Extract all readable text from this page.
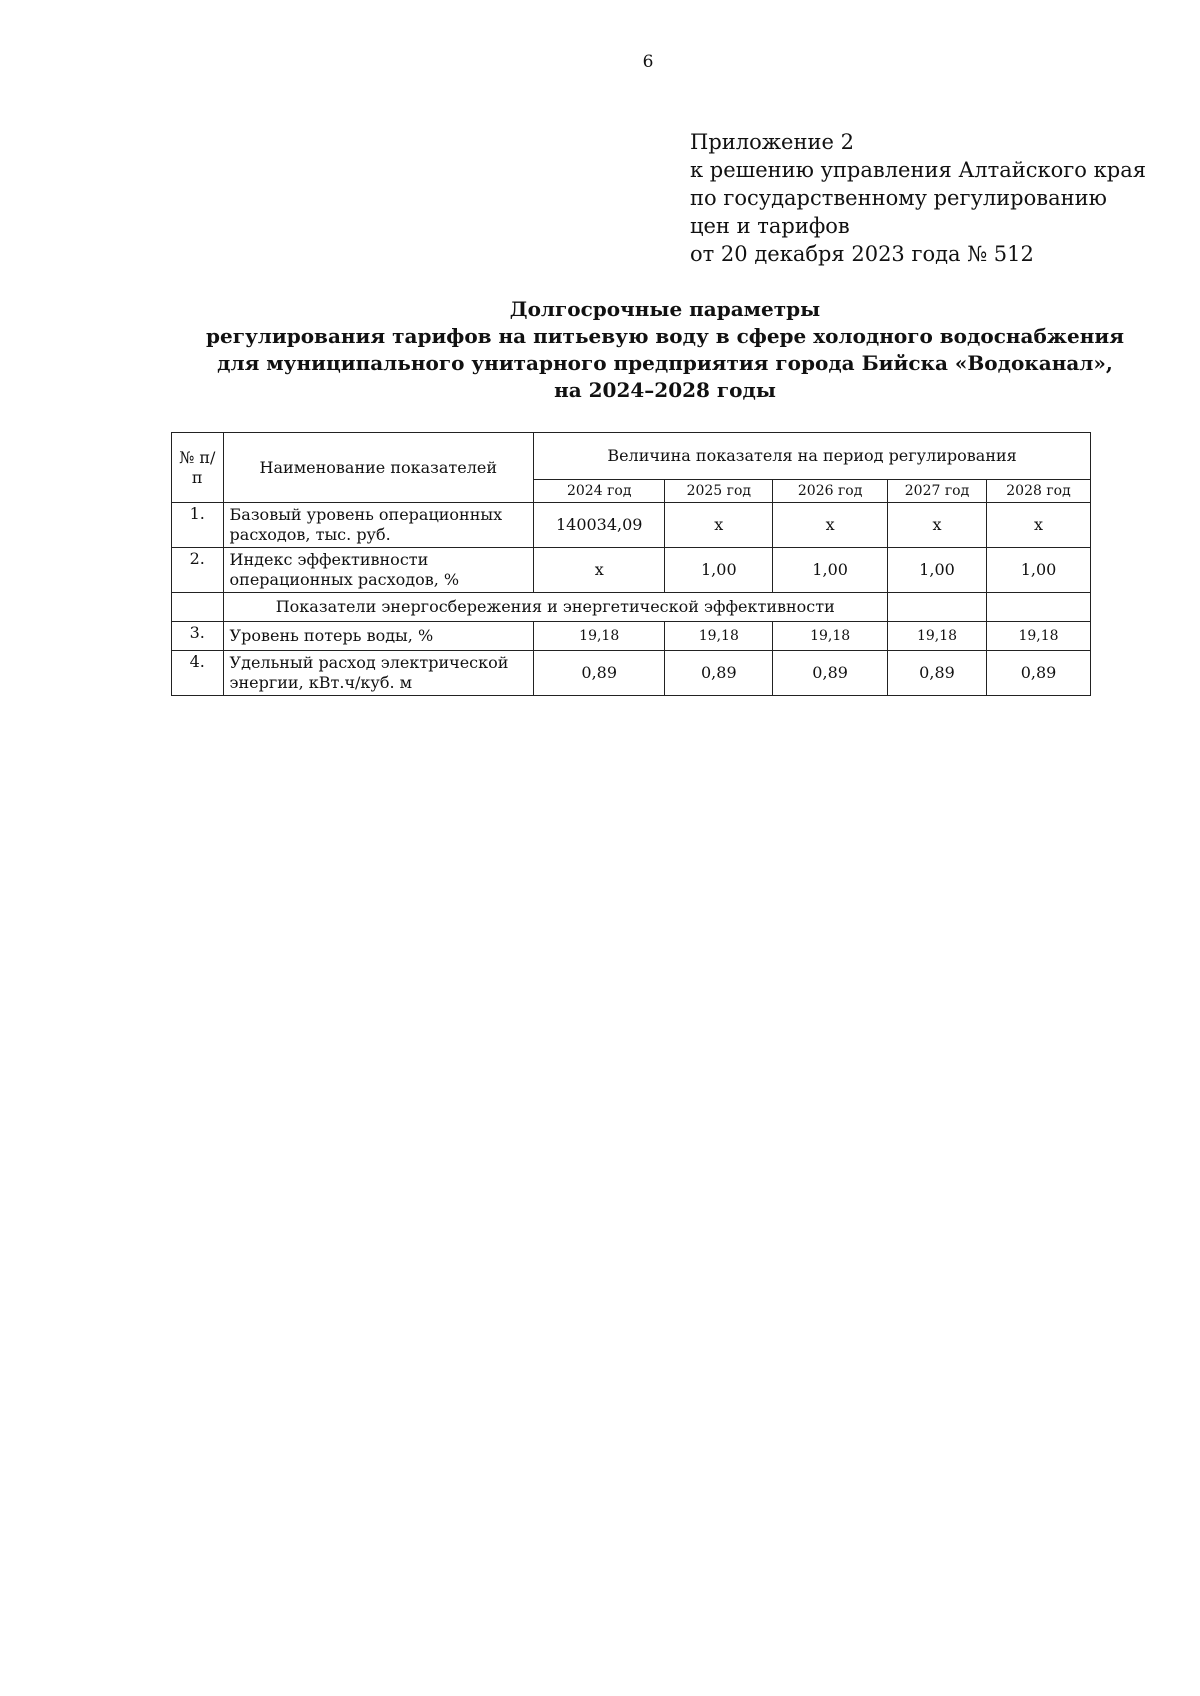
6
Приложение 2
к решению управления Алтайского края
по государственному регулированию
цен и тарифов
от 20 декабря 2023 года № 512
Долгосрочные параметры
регулирования тарифов на питьевую воду в сфере холодного водоснабжения
для муниципального унитарного предприятия города Бийска «Водоканал»,
на 2024–2028 годы
№ п/п	Наименование показателей	Величина показателя на период регулирования				
		2024 год	2025 год	2026 год	2027 год	2028 год
1.	Базовый уровень операционных расходов, тыс. руб.	140034,09	x	x	x	x
2.	Индекс эффективности операционных расходов, %	x	1,00	1,00	1,00	1,00
	Показатели энергосбережения и энергетической эффективности					
3.	Уровень потерь воды, %	19,18	19,18	19,18	19,18	19,18
4.	Удельный расход электрической энергии, кВт.ч/куб. м	0,89	0,89	0,89	0,89	0,89
